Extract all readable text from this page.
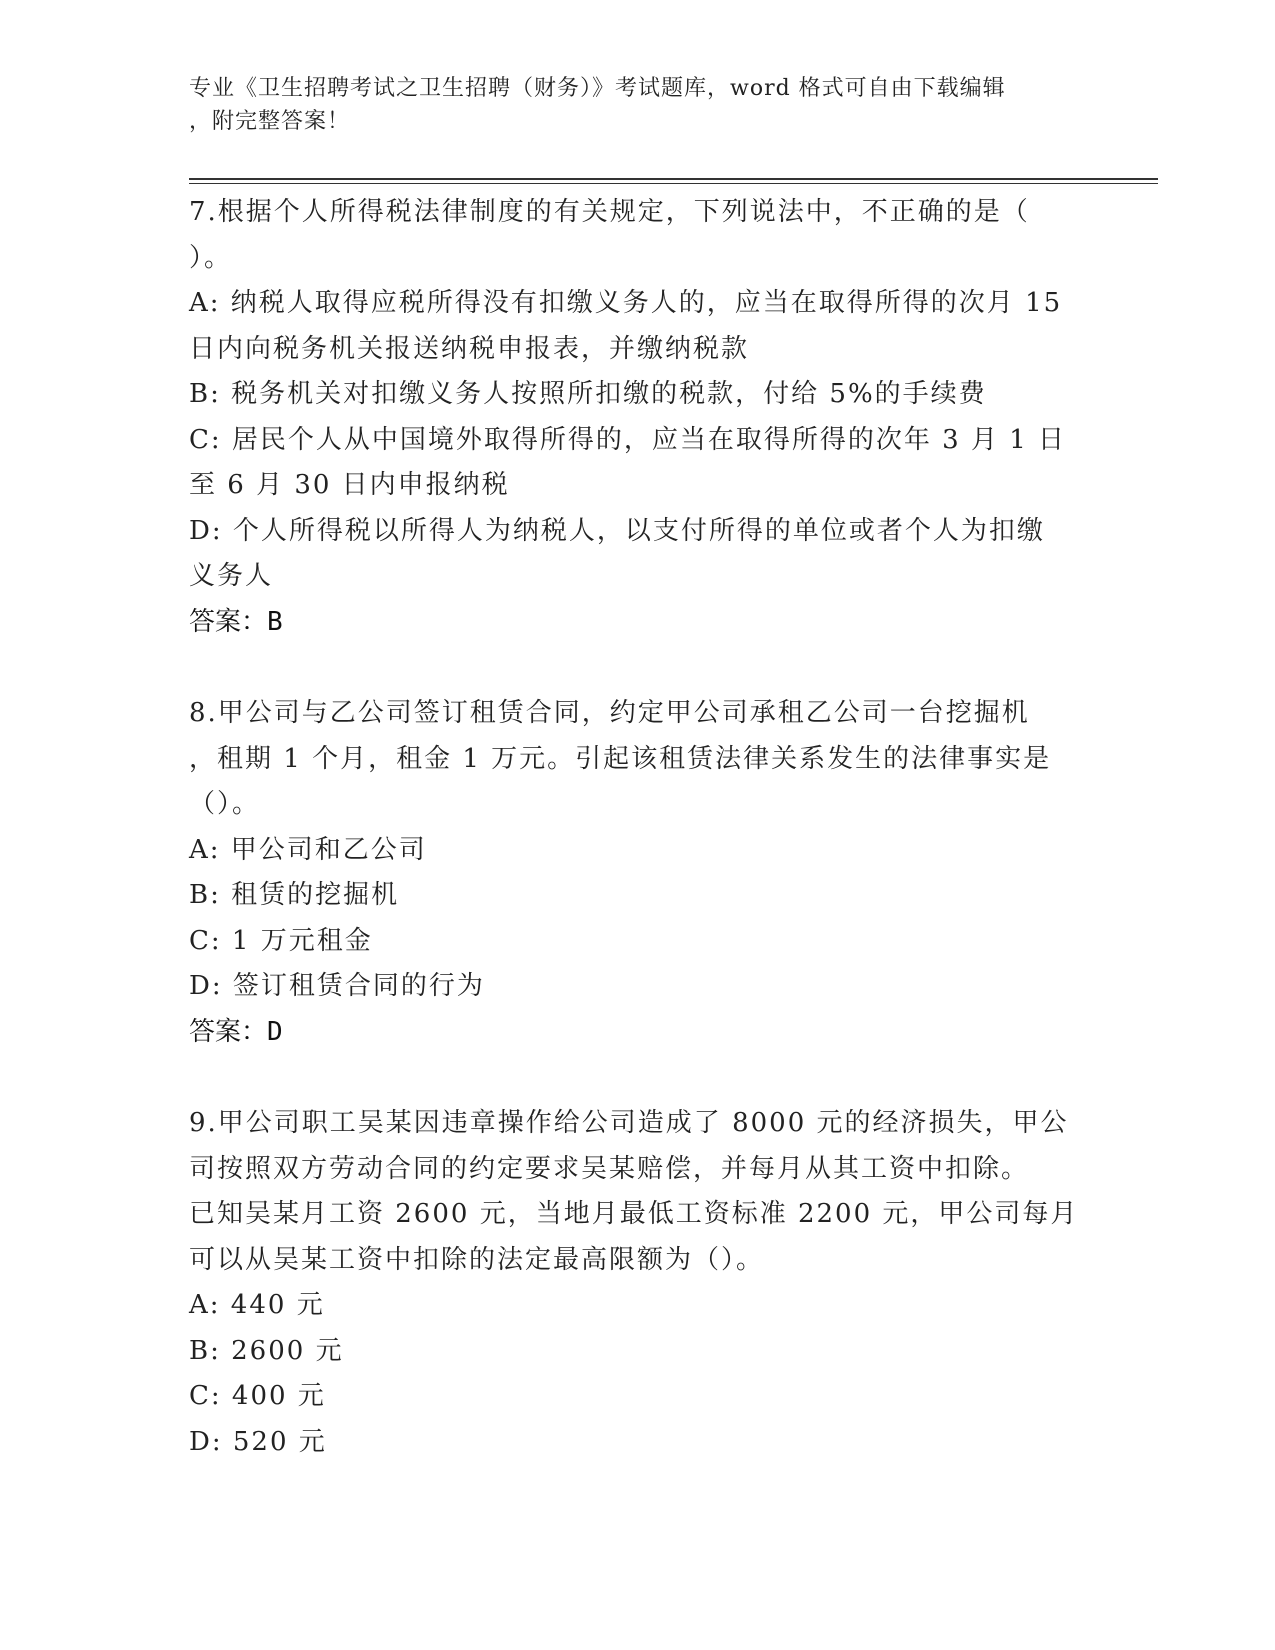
专业《卫生招聘考试之卫生招聘（财务）》考试题库，word 格式可自由下载编辑
，附完整答案！
7.根据个人所得税法律制度的有关规定，下列说法中，不正确的是（
）。
A: 纳税人取得应税所得没有扣缴义务人的，应当在取得所得的次月 15
日内向税务机关报送纳税申报表，并缴纳税款
B: 税务机关对扣缴义务人按照所扣缴的税款，付给 5%的手续费
C: 居民个人从中国境外取得所得的，应当在取得所得的次年 3 月 1 日
至 6 月 30 日内申报纳税
D: 个人所得税以所得人为纳税人，以支付所得的单位或者个人为扣缴
义务人
答案：B
8.甲公司与乙公司签订租赁合同，约定甲公司承租乙公司一台挖掘机
，租期 1 个月，租金 1 万元。引起该租赁法律关系发生的法律事实是
（）。
A: 甲公司和乙公司
B: 租赁的挖掘机
C: 1 万元租金
D: 签订租赁合同的行为
答案：D
9.甲公司职工吴某因违章操作给公司造成了 8000 元的经济损失，甲公
司按照双方劳动合同的约定要求吴某赔偿，并每月从其工资中扣除。
已知吴某月工资 2600 元，当地月最低工资标准 2200 元，甲公司每月
可以从吴某工资中扣除的法定最高限额为（）。
A: 440 元
B: 2600 元
C: 400 元
D: 520 元
